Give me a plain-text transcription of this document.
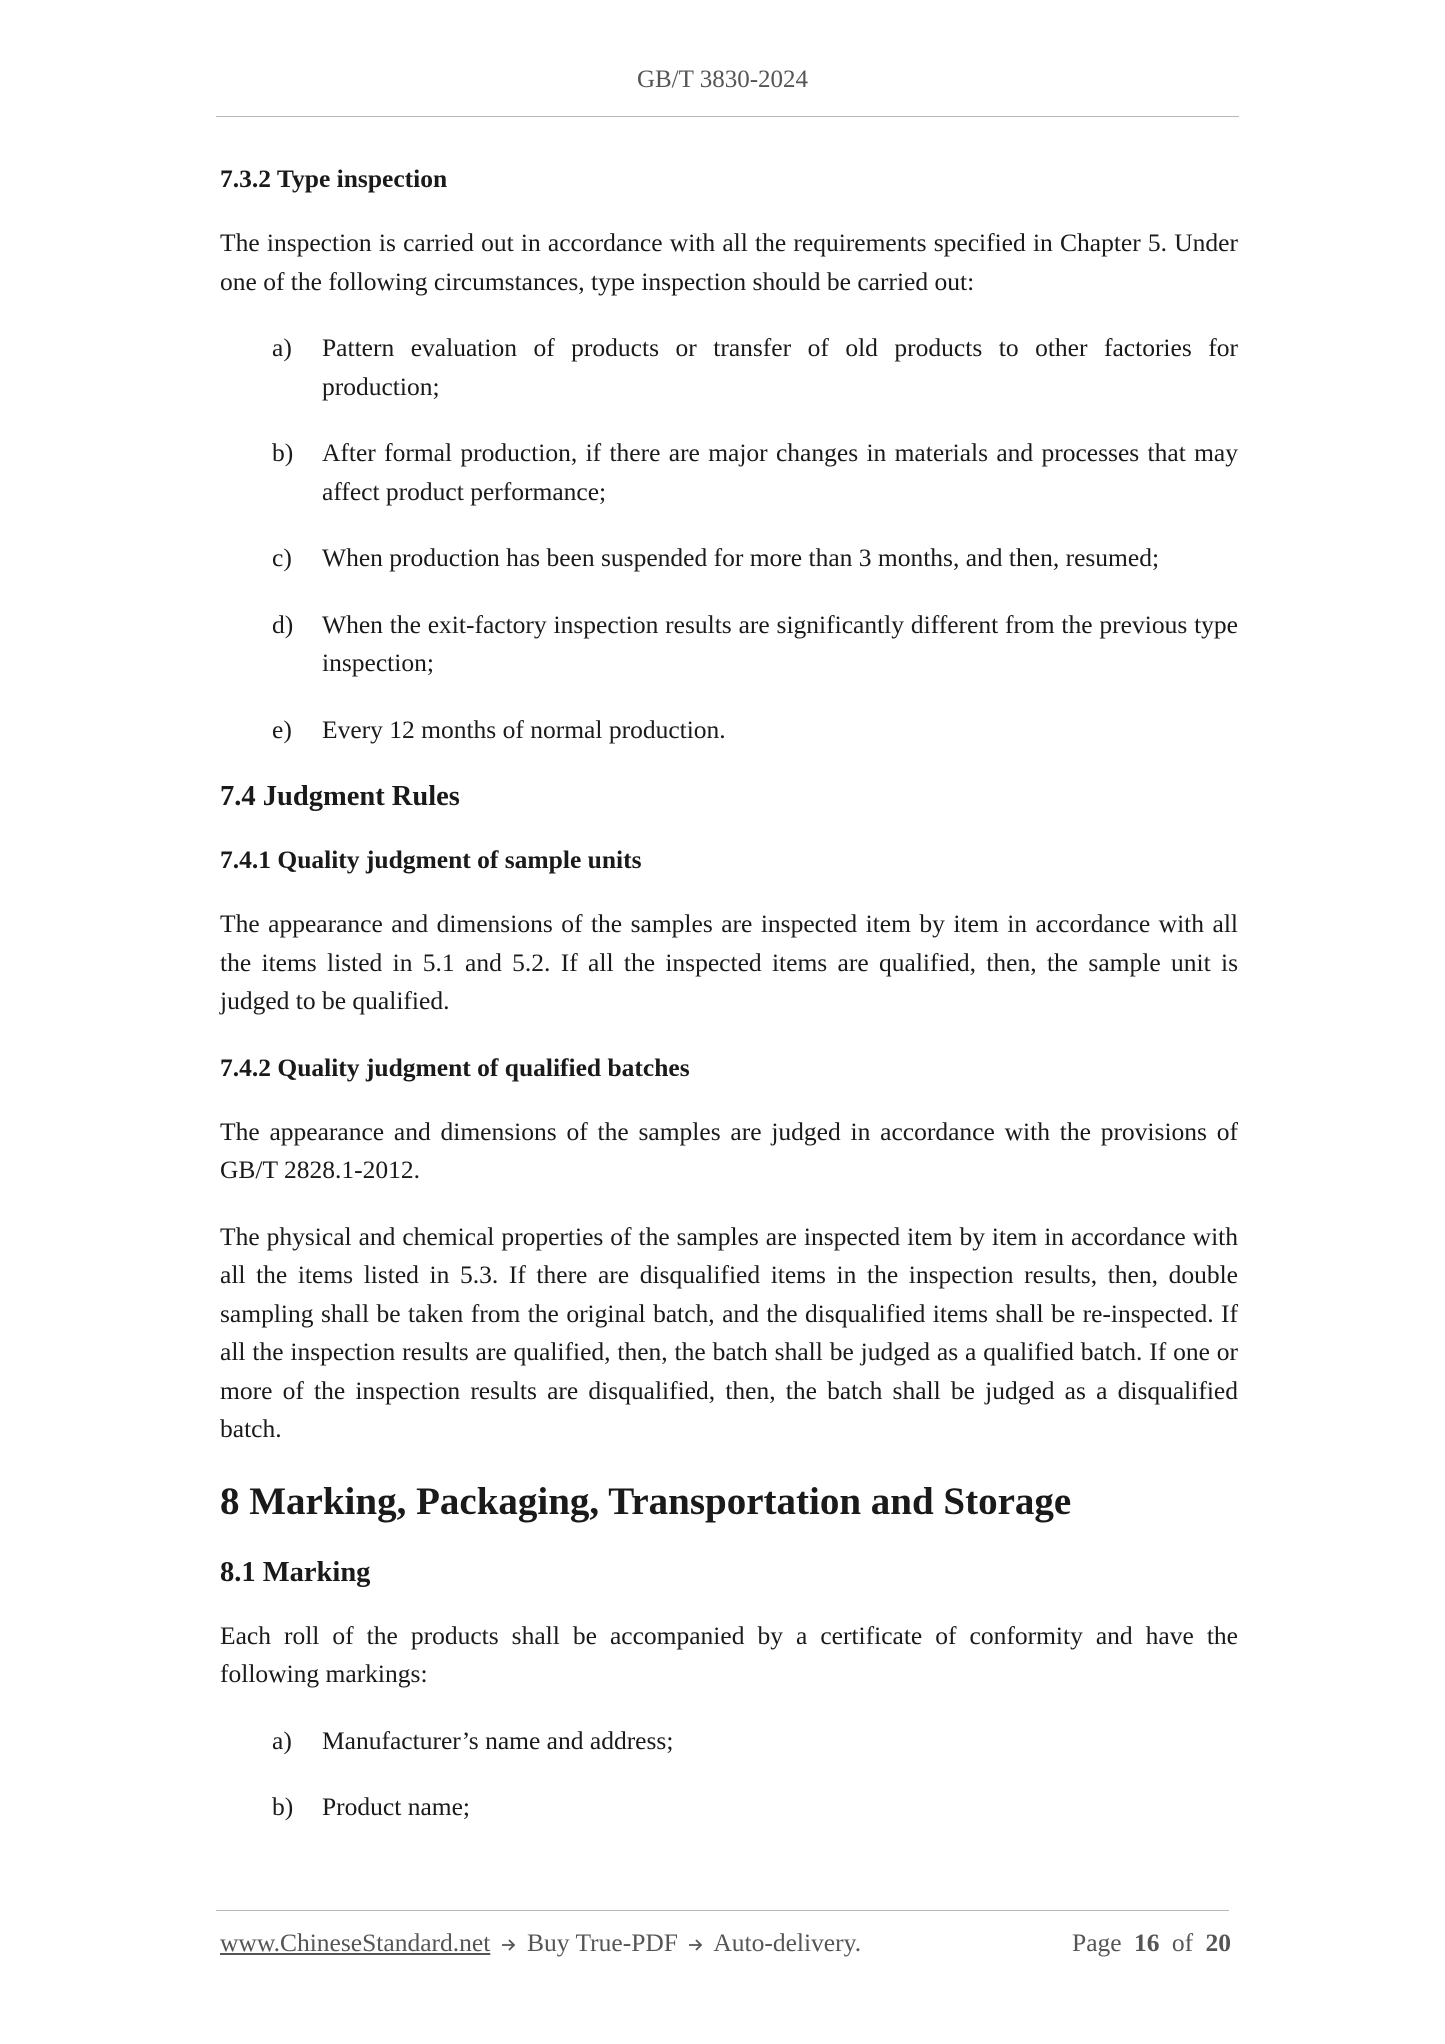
GB/T 3830-2024
7.3.2 Type inspection
The inspection is carried out in accordance with all the requirements specified in Chapter 5. Under one of the following circumstances, type inspection should be carried out:
a)	Pattern evaluation of products or transfer of old products to other factories for production;
b)	After formal production, if there are major changes in materials and processes that may affect product performance;
c)	When production has been suspended for more than 3 months, and then, resumed;
d)	When the exit-factory inspection results are significantly different from the previous type inspection;
e)	Every 12 months of normal production.
7.4 Judgment Rules
7.4.1 Quality judgment of sample units
The appearance and dimensions of the samples are inspected item by item in accordance with all the items listed in 5.1 and 5.2. If all the inspected items are qualified, then, the sample unit is judged to be qualified.
7.4.2 Quality judgment of qualified batches
The appearance and dimensions of the samples are judged in accordance with the provisions of GB/T 2828.1-2012.
The physical and chemical properties of the samples are inspected item by item in accordance with all the items listed in 5.3. If there are disqualified items in the inspection results, then, double sampling shall be taken from the original batch, and the disqualified items shall be re-inspected. If all the inspection results are qualified, then, the batch shall be judged as a qualified batch. If one or more of the inspection results are disqualified, then, the batch shall be judged as a disqualified batch.
8 Marking, Packaging, Transportation and Storage
8.1 Marking
Each roll of the products shall be accompanied by a certificate of conformity and have the following markings:
a)	Manufacturer’s name and address;
b)	Product name;
www.ChineseStandard.net Buy True-PDF Auto-delivery.	Page 16 of 20
